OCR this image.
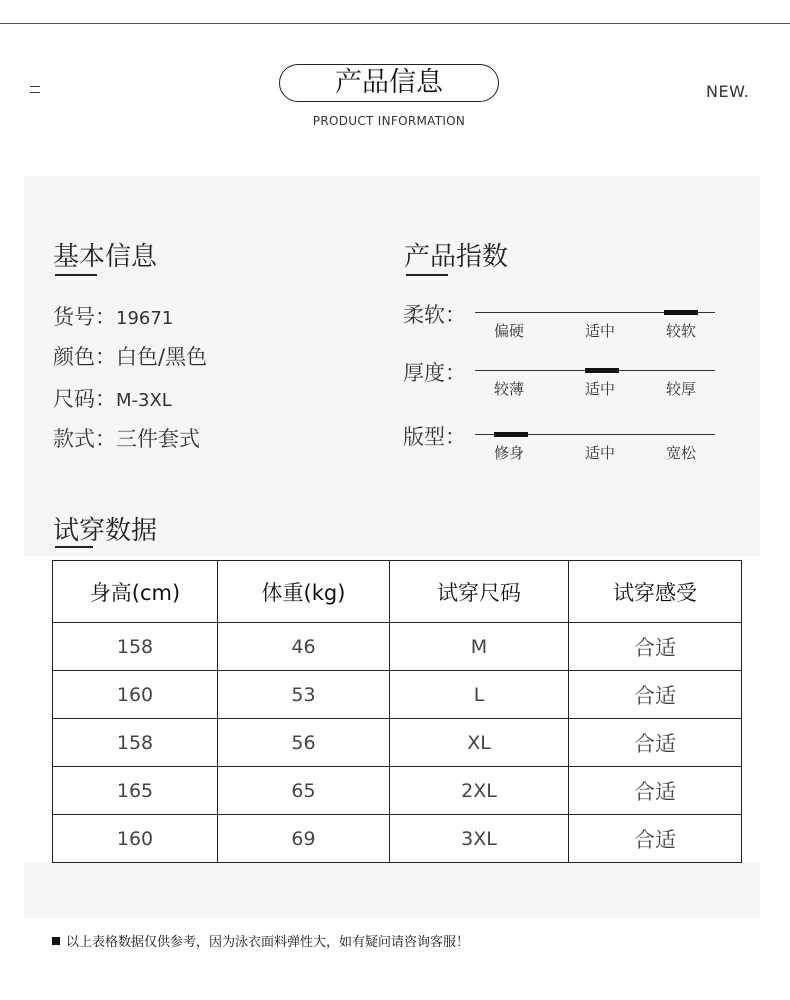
产品信息
PRODUCT INFORMATION
NEW.
基本信息
货号：19671
颜色：白色/黑色
尺码：M-3XL
款式：三件套式
产品指数
柔软：
偏硬	适中	较软
厚度：
较薄	适中	较厚
版型：
修身	适中	宽松
试穿数据
身高(cm)	体重(kg)	试穿尺码	试穿感受
158	46	M	合适
160	53	L	合适
158	56	XL	合适
165	65	2XL	合适
160	69	3XL	合适
以上表格数据仅供参考，因为泳衣面料弹性大，如有疑问请咨询客服！
